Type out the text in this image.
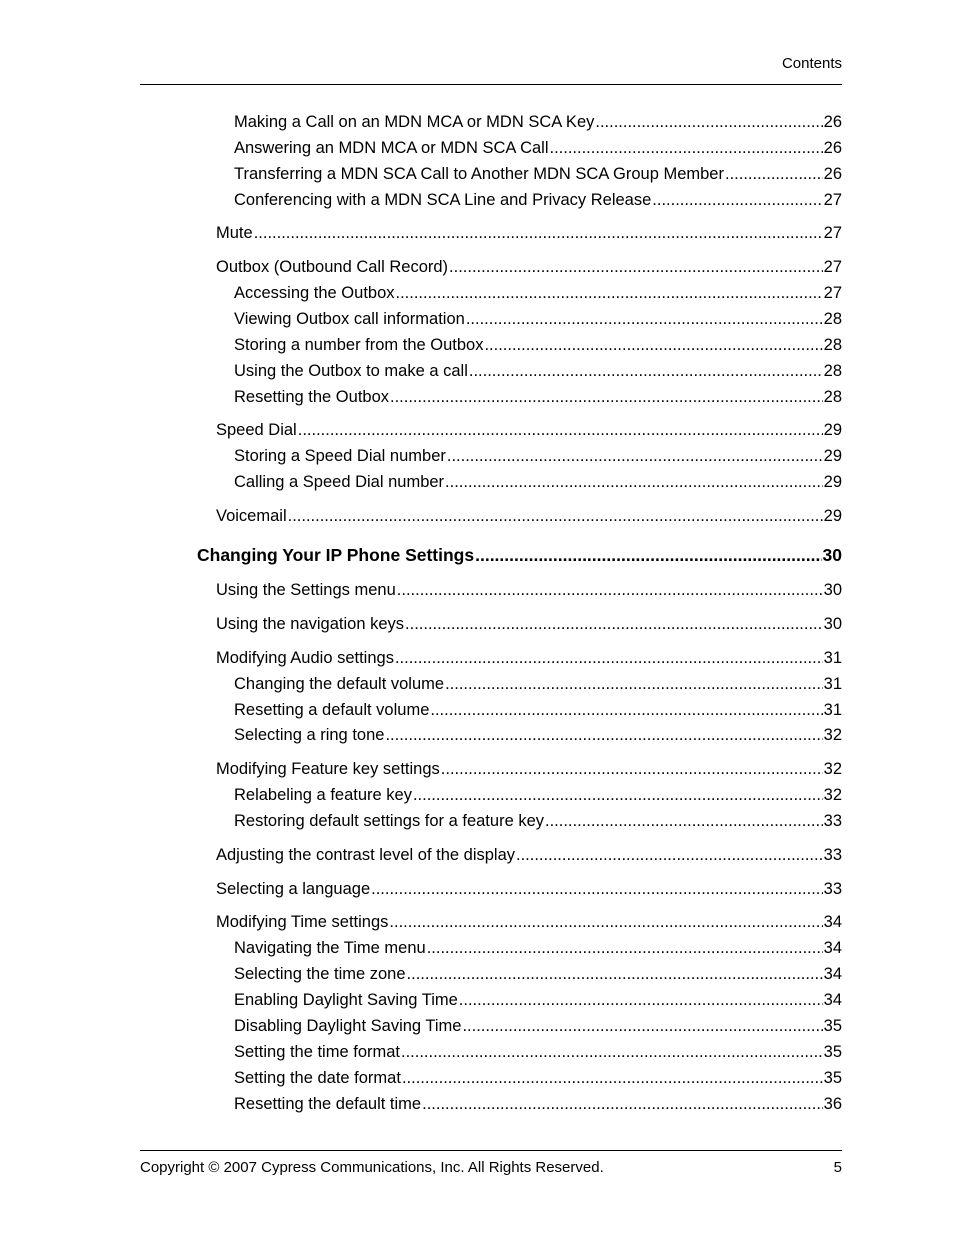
Contents
Making a Call on an MDN MCA or MDN SCA Key .....	26
Answering an MDN MCA or MDN SCA Call .....	26
Transferring a MDN SCA Call to Another MDN SCA Group Member .....	26
Conferencing with a MDN SCA Line and Privacy Release .....	27
Mute .....	27
Outbox (Outbound Call Record) .....	27
Accessing the Outbox .....	27
Viewing Outbox call information .....	28
Storing a number from the Outbox .....	28
Using the Outbox to make a call .....	28
Resetting the Outbox .....	28
Speed Dial .....	29
Storing a Speed Dial number .....	29
Calling a Speed Dial number .....	29
Voicemail .....	29
Changing Your IP Phone Settings .....	30
Using the Settings menu .....	30
Using the navigation keys .....	30
Modifying Audio settings .....	31
Changing the default volume .....	31
Resetting a default volume .....	31
Selecting a ring tone .....	32
Modifying Feature key settings .....	32
Relabeling a feature key .....	32
Restoring default settings for a feature key .....	33
Adjusting the contrast level of the display .....	33
Selecting a language .....	33
Modifying Time settings .....	34
Navigating the Time menu .....	34
Selecting the time zone .....	34
Enabling Daylight Saving Time .....	34
Disabling Daylight Saving Time .....	35
Setting the time format .....	35
Setting the date format .....	35
Resetting the default time .....	36
Copyright © 2007 Cypress Communications, Inc. All Rights Reserved.	5
